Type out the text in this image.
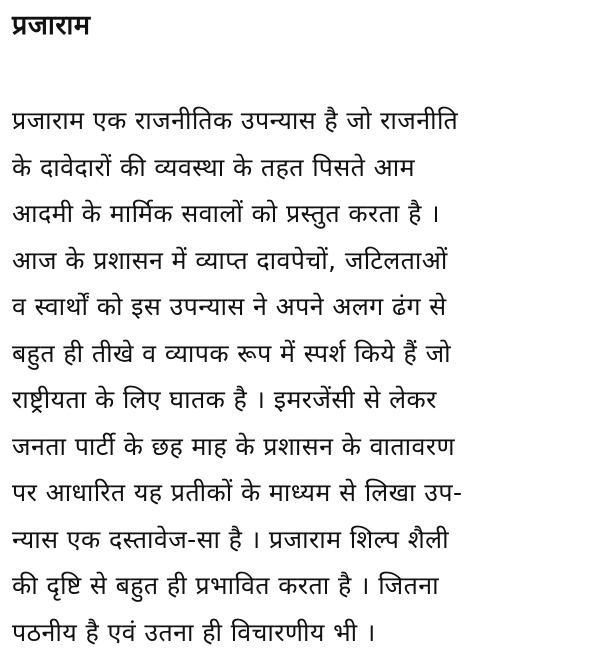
प्रजाराम
प्रजाराम एक राजनीतिक उपन्यास है जो राजनीति
के दावेदारों की व्यवस्था के तहत पिसते आम
आदमी के मार्मिक सवालों को प्रस्तुत करता है ।
आज के प्रशासन में व्याप्त दावपेचों, जटिलताओं
व स्वार्थों को इस उपन्यास ने अपने अलग ढंग से
बहुत ही तीखे व व्यापक रूप में स्पर्श किये हैं जो
राष्ट्रीयता के लिए घातक है । इमरजेंसी से लेकर
जनता पार्टी के छह माह के प्रशासन के वातावरण
पर आधारित यह प्रतीकों के माध्यम से लिखा उप-
न्यास एक दस्तावेज-सा है । प्रजाराम शिल्प शैली
की दृष्टि से बहुत ही प्रभावित करता है । जितना
पठनीय है एवं उतना ही विचारणीय भी ।
